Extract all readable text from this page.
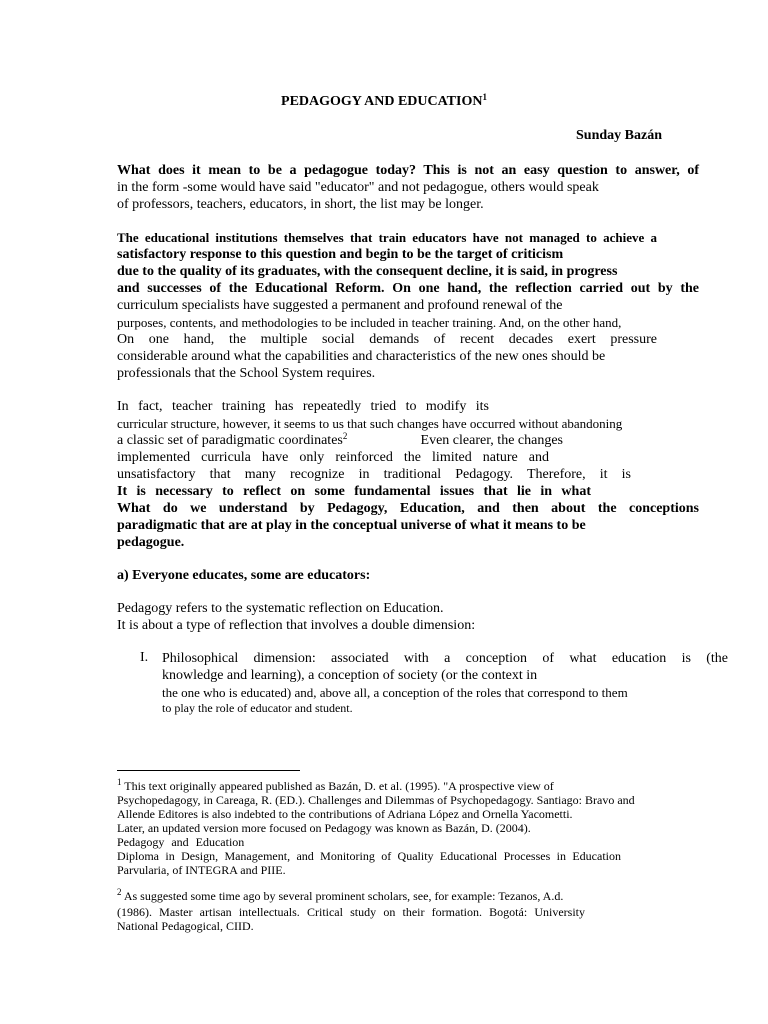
PEDAGOGY AND EDUCATION$^1$
Sunday Bazán
What does it mean to be a pedagogue today? This is not an easy question to answer, of
in the form -some would have said "educator" and not pedagogue, others would speak
of professors, teachers, educators, in short, the list may be longer.
The educational institutions themselves that train educators have not managed to achieve a
satisfactory response to this question and begin to be the target of criticism
due to the quality of its graduates, with the consequent decline, it is said, in progress
and successes of the Educational Reform. On one hand, the reflection carried out by the
curriculum specialists have suggested a permanent and profound renewal of the
purposes, contents, and methodologies to be included in teacher training. And, on the other hand,
On one hand, the multiple social demands of recent decades exert pressure
considerable around what the capabilities and characteristics of the new ones should be
professionals that the School System requires.
In fact, teacher training has repeatedly tried to modify its
curricular structure, however, it seems to us that such changes have occurred without abandoning
a classic set of paradigmatic coordinates$^2$	Even clearer, the changes
implemented curricula have only reinforced the limited nature and
unsatisfactory that many recognize in traditional Pedagogy. Therefore, it is
It is necessary to reflect on some fundamental issues that lie in what
What do we understand by Pedagogy, Education, and then about the conceptions
paradigmatic that are at play in the conceptual universe of what it means to be
pedagogue.
a) Everyone educates, some are educators:
Pedagogy refers to the systematic reflection on Education.
It is about a type of reflection that involves a double dimension:
I. Philosophical dimension: associated with a conception of what education is (the
knowledge and learning), a conception of society (or the context in
the one who is educated) and, above all, a conception of the roles that correspond to them
to play the role of educator and student.
$^1$ This text originally appeared published as Bazán, D. et al. (1995). "A prospective view of
Psychopedagogy, in Careaga, R. (ED.). Challenges and Dilemmas of Psychopedagogy. Santiago: Bravo and
Allende Editores is also indebted to the contributions of Adriana López and Ornella Yacometti.
Later, an updated version more focused on Pedagogy was known as Bazán, D. (2004).
Pedagogy and Education
Diploma in Design, Management, and Monitoring of Quality Educational Processes in Education
Parvularia, of INTEGRA and PIIE.
$^2$ As suggested some time ago by several prominent scholars, see, for example: Tezanos, A.d.
(1986). Master artisan intellectuals. Critical study on their formation. Bogotá: University
National Pedagogical, CIID.
